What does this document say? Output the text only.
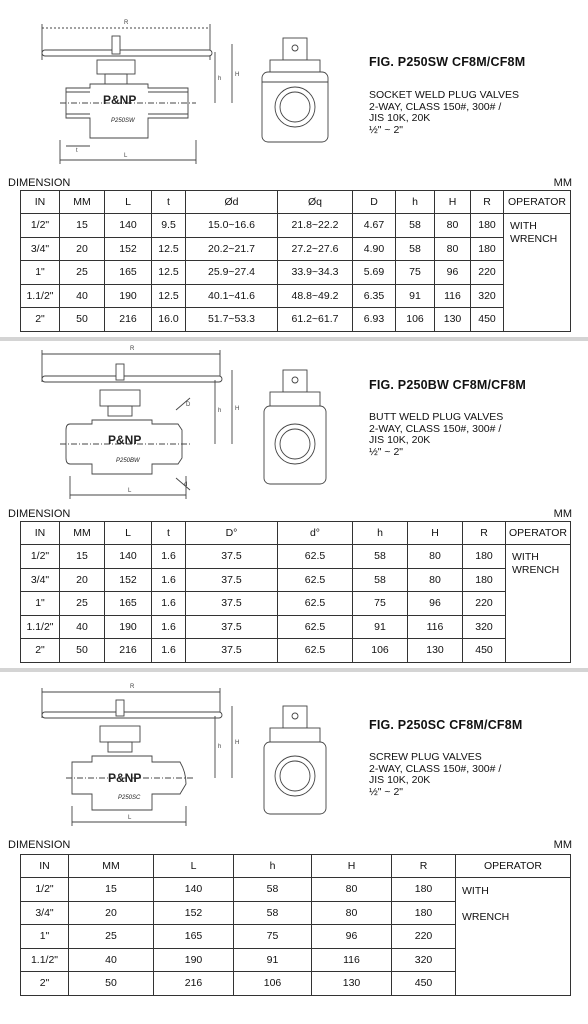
R
h
H
L
t
P&NP
P250SW
FIG. P250SW CF8M/CF8M
SOCKET WELD PLUG VALVES
2-WAY, CLASS 150#, 300# /
JIS 10K, 20K
½" ~ 2"
DIMENSION	MM
IN	MM	L	t	Ød	Øq	D	h	H	R	OPERATOR
1/2"	15	140	9.5	15.0~16.6	21.8~22.2	4.67	58	80	180	WITH
WRENCH

3/4"	20	152	12.5	20.2~21.7	27.2~27.6	4.90	58	80	180	
1"	25	165	12.5	25.9~27.4	33.9~34.3	5.69	75	96	220	
1.1/2"	40	190	12.5	40.1~41.6	48.8~49.2	6.35	91	116	320	
2"	50	216	16.0	51.7~53.3	61.2~61.7	6.93	106	130	450	
R
h H
L
D
d
P&NP
P250BW
FIG. P250BW CF8M/CF8M
BUTT WELD PLUG VALVES
2-WAY, CLASS 150#, 300# /
JIS 10K, 20K
½" ~ 2"
DIMENSION	MM
IN	MM	L	t	D°	d°	h	H	R	OPERATOR
1/2"	15	140	1.6	37.5	62.5	58	80	180	WITH
WRENCH

3/4"	20	152	1.6	37.5	62.5	58	80	180	
1"	25	165	1.6	37.5	62.5	75	96	220	
1.1/2"	40	190	1.6	37.5	62.5	91	116	320	
2"	50	216	1.6	37.5	62.5	106	130	450	
R
h
H
L
P&NP
P250SC
FIG. P250SC CF8M/CF8M
SCREW PLUG VALVES
2-WAY, CLASS 150#, 300# /
JIS 10K, 20K
½" ~ 2"
DIMENSION	MM
IN	MM	L	h	H	R	OPERATOR
1/2"	15	140	58	80	180	WITH
WRENCH

3/4"	20	152	58	80	180	
1"	25	165	75	96	220	
1.1/2"	40	190	91	116	320	
2"	50	216	106	130	450	
